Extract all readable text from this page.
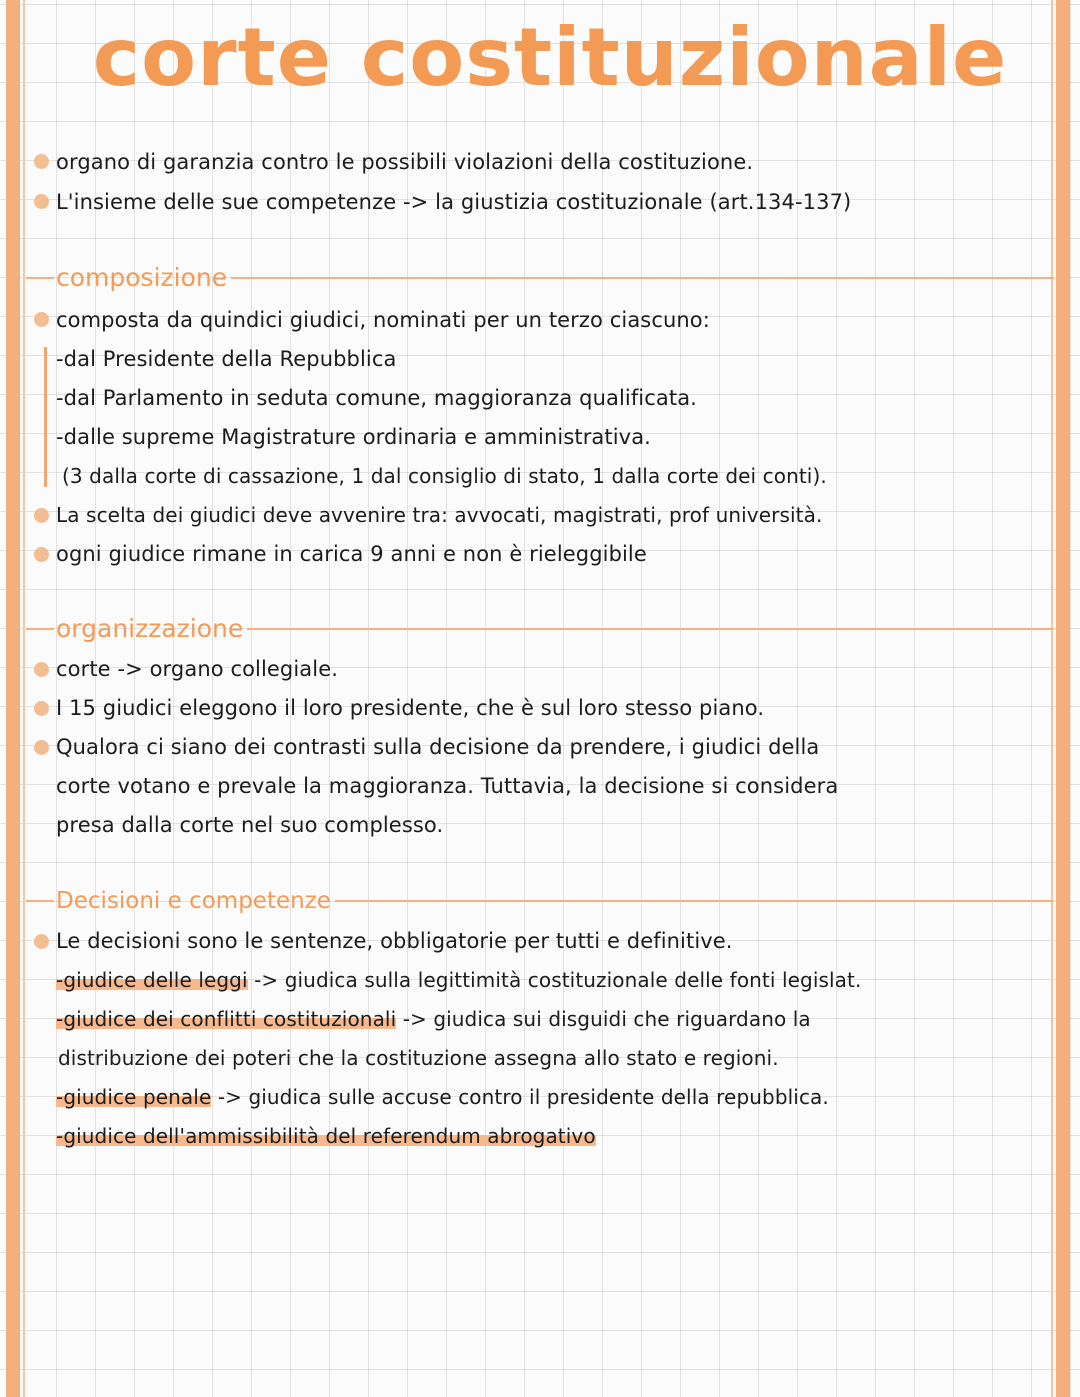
corte costituzionale
organo di garanzia contro le possibili violazioni della costituzione.
L'insieme delle sue competenze -> la giustizia costituzionale (art.134-137)
composizione
composta da quindici giudici, nominati per un terzo ciascuno:
-dal Presidente della Repubblica
-dal Parlamento in seduta comune, maggioranza qualificata.
-dalle supreme Magistrature ordinaria e amministrativa.
(3 dalla corte di cassazione, 1 dal consiglio di stato, 1 dalla corte dei conti).
La scelta dei giudici deve avvenire tra: avvocati, magistrati, prof università.
ogni giudice rimane in carica 9 anni e non è rieleggibile
organizzazione
corte -> organo collegiale.
I 15 giudici eleggono il loro presidente, che è sul loro stesso piano.
Qualora ci siano dei contrasti sulla decisione da prendere, i giudici della
corte votano e prevale la maggioranza. Tuttavia, la decisione si considera
presa dalla corte nel suo complesso.
Decisioni e competenze
Le decisioni sono le sentenze, obbligatorie per tutti e definitive.
-giudice delle leggi -> giudica sulla legittimità costituzionale delle fonti legislat.
-giudice dei conflitti costituzionali -> giudica sui disguidi che riguardano la
distribuzione dei poteri che la costituzione assegna allo stato e regioni.
-giudice penale -> giudica sulle accuse contro il presidente della repubblica.
-giudice dell'ammissibilità del referendum abrogativo
